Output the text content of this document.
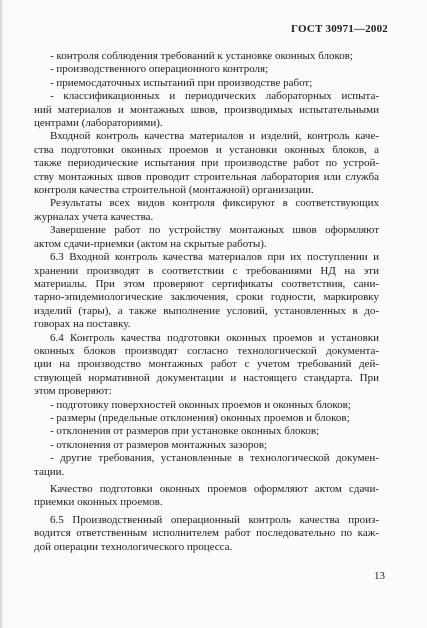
ГОСТ 30971—2002

- контроля соблюдения требований к установке оконных блоков;

- производственного операционного контроля;

- приемосдаточных испытаний при производстве работ;

- классификационных и периодических лабораторных испыта-
ний материалов и монтажных швов, производимых испытательными
центрами (лабораториями).

Входной контроль качества материалов и изделий, контроль каче-
ства подготовки оконных проемов и установки оконных блоков, а
также периодические испытания при производстве работ по устрой-
ству монтажных швов проводит строительная лаборатория или служба
контроля качества строительной (монтажной) организации.

Результаты всех видов контроля фиксируют в соответствующих
журналах учета качества.

Завершение работ по устройству монтажных швов оформляют
актом сдачи-приемки (актом на скрытые работы).

6.3 Входной контроль качества материалов при их поступлении и
хранении производят в соответствии с требованиями НД на эти
материалы. При этом проверяют сертификаты соответствия, сани-
тарно-эпидемиологические заключения, сроки годности, маркировку
изделий (тары), а также выполнение условий, установленных в до-
говорах на поставку.

6.4 Контроль качества подготовки оконных проемов и установки
оконных блоков производят согласно технологической документа-
ции на производство монтажных работ с учетом требований дей-
ствующей нормативной документации и настоящего стандарта. При
этом проверяют:

- подготовку поверхностей оконных проемов и оконных блоков;

- размеры (предельные отклонения) оконных проемов и блоков;

- отклонения от размеров при установке оконных блоков;

- отклонения от размеров монтажных зазоров;

- другие требования, установленные в технологической докумен-
тации.

Качество подготовки оконных проемов оформляют актом сдачи-
приемки оконных проемов.

6.5 Производственный операционный контроль качества произ-
водится ответственным исполнителем работ последовательно по каж-
дой операции технологического процесса.

13
